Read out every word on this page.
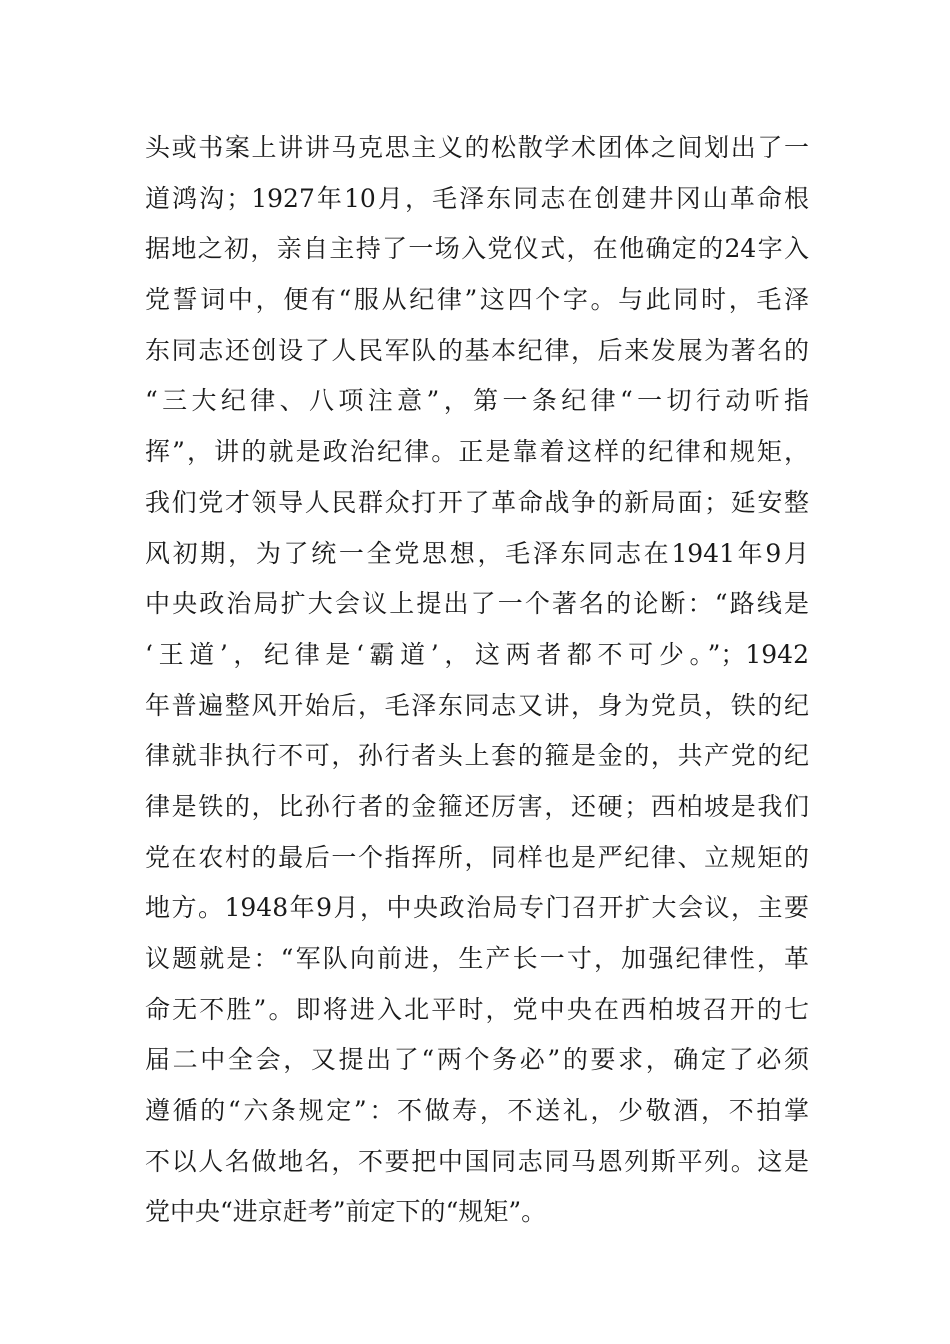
头或书案上讲讲马克思主义的松散学术团体之间划出了一
道鸿沟；1927年10月，毛泽东同志在创建井冈山革命根
据地之初，亲自主持了一场入党仪式，在他确定的24字入
党誓词中，便有“服从纪律”这四个字。与此同时，毛泽
东同志还创设了人民军队的基本纪律，后来发展为著名的
“三大纪律、八项注意”，第一条纪律“一切行动听指
挥”，讲的就是政治纪律。正是靠着这样的纪律和规矩，
我们党才领导人民群众打开了革命战争的新局面；延安整
风初期，为了统一全党思想，毛泽东同志在1941年9月
中央政治局扩大会议上提出了一个著名的论断：“路线是
‘王道’，纪律是‘霸道’，这两者都不可少。”；1942
年普遍整风开始后，毛泽东同志又讲，身为党员，铁的纪
律就非执行不可，孙行者头上套的箍是金的，共产党的纪
律是铁的，比孙行者的金箍还厉害，还硬；西柏坡是我们
党在农村的最后一个指挥所，同样也是严纪律、立规矩的
地方。1948年9月，中央政治局专门召开扩大会议，主要
议题就是：“军队向前进，生产长一寸，加强纪律性，革
命无不胜”。即将进入北平时，党中央在西柏坡召开的七
届二中全会，又提出了“两个务必”的要求，确定了必须
遵循的“六条规定”：不做寿，不送礼，少敬酒，不拍掌
不以人名做地名，不要把中国同志同马恩列斯平列。这是
党中央“进京赶考”前定下的“规矩”。
